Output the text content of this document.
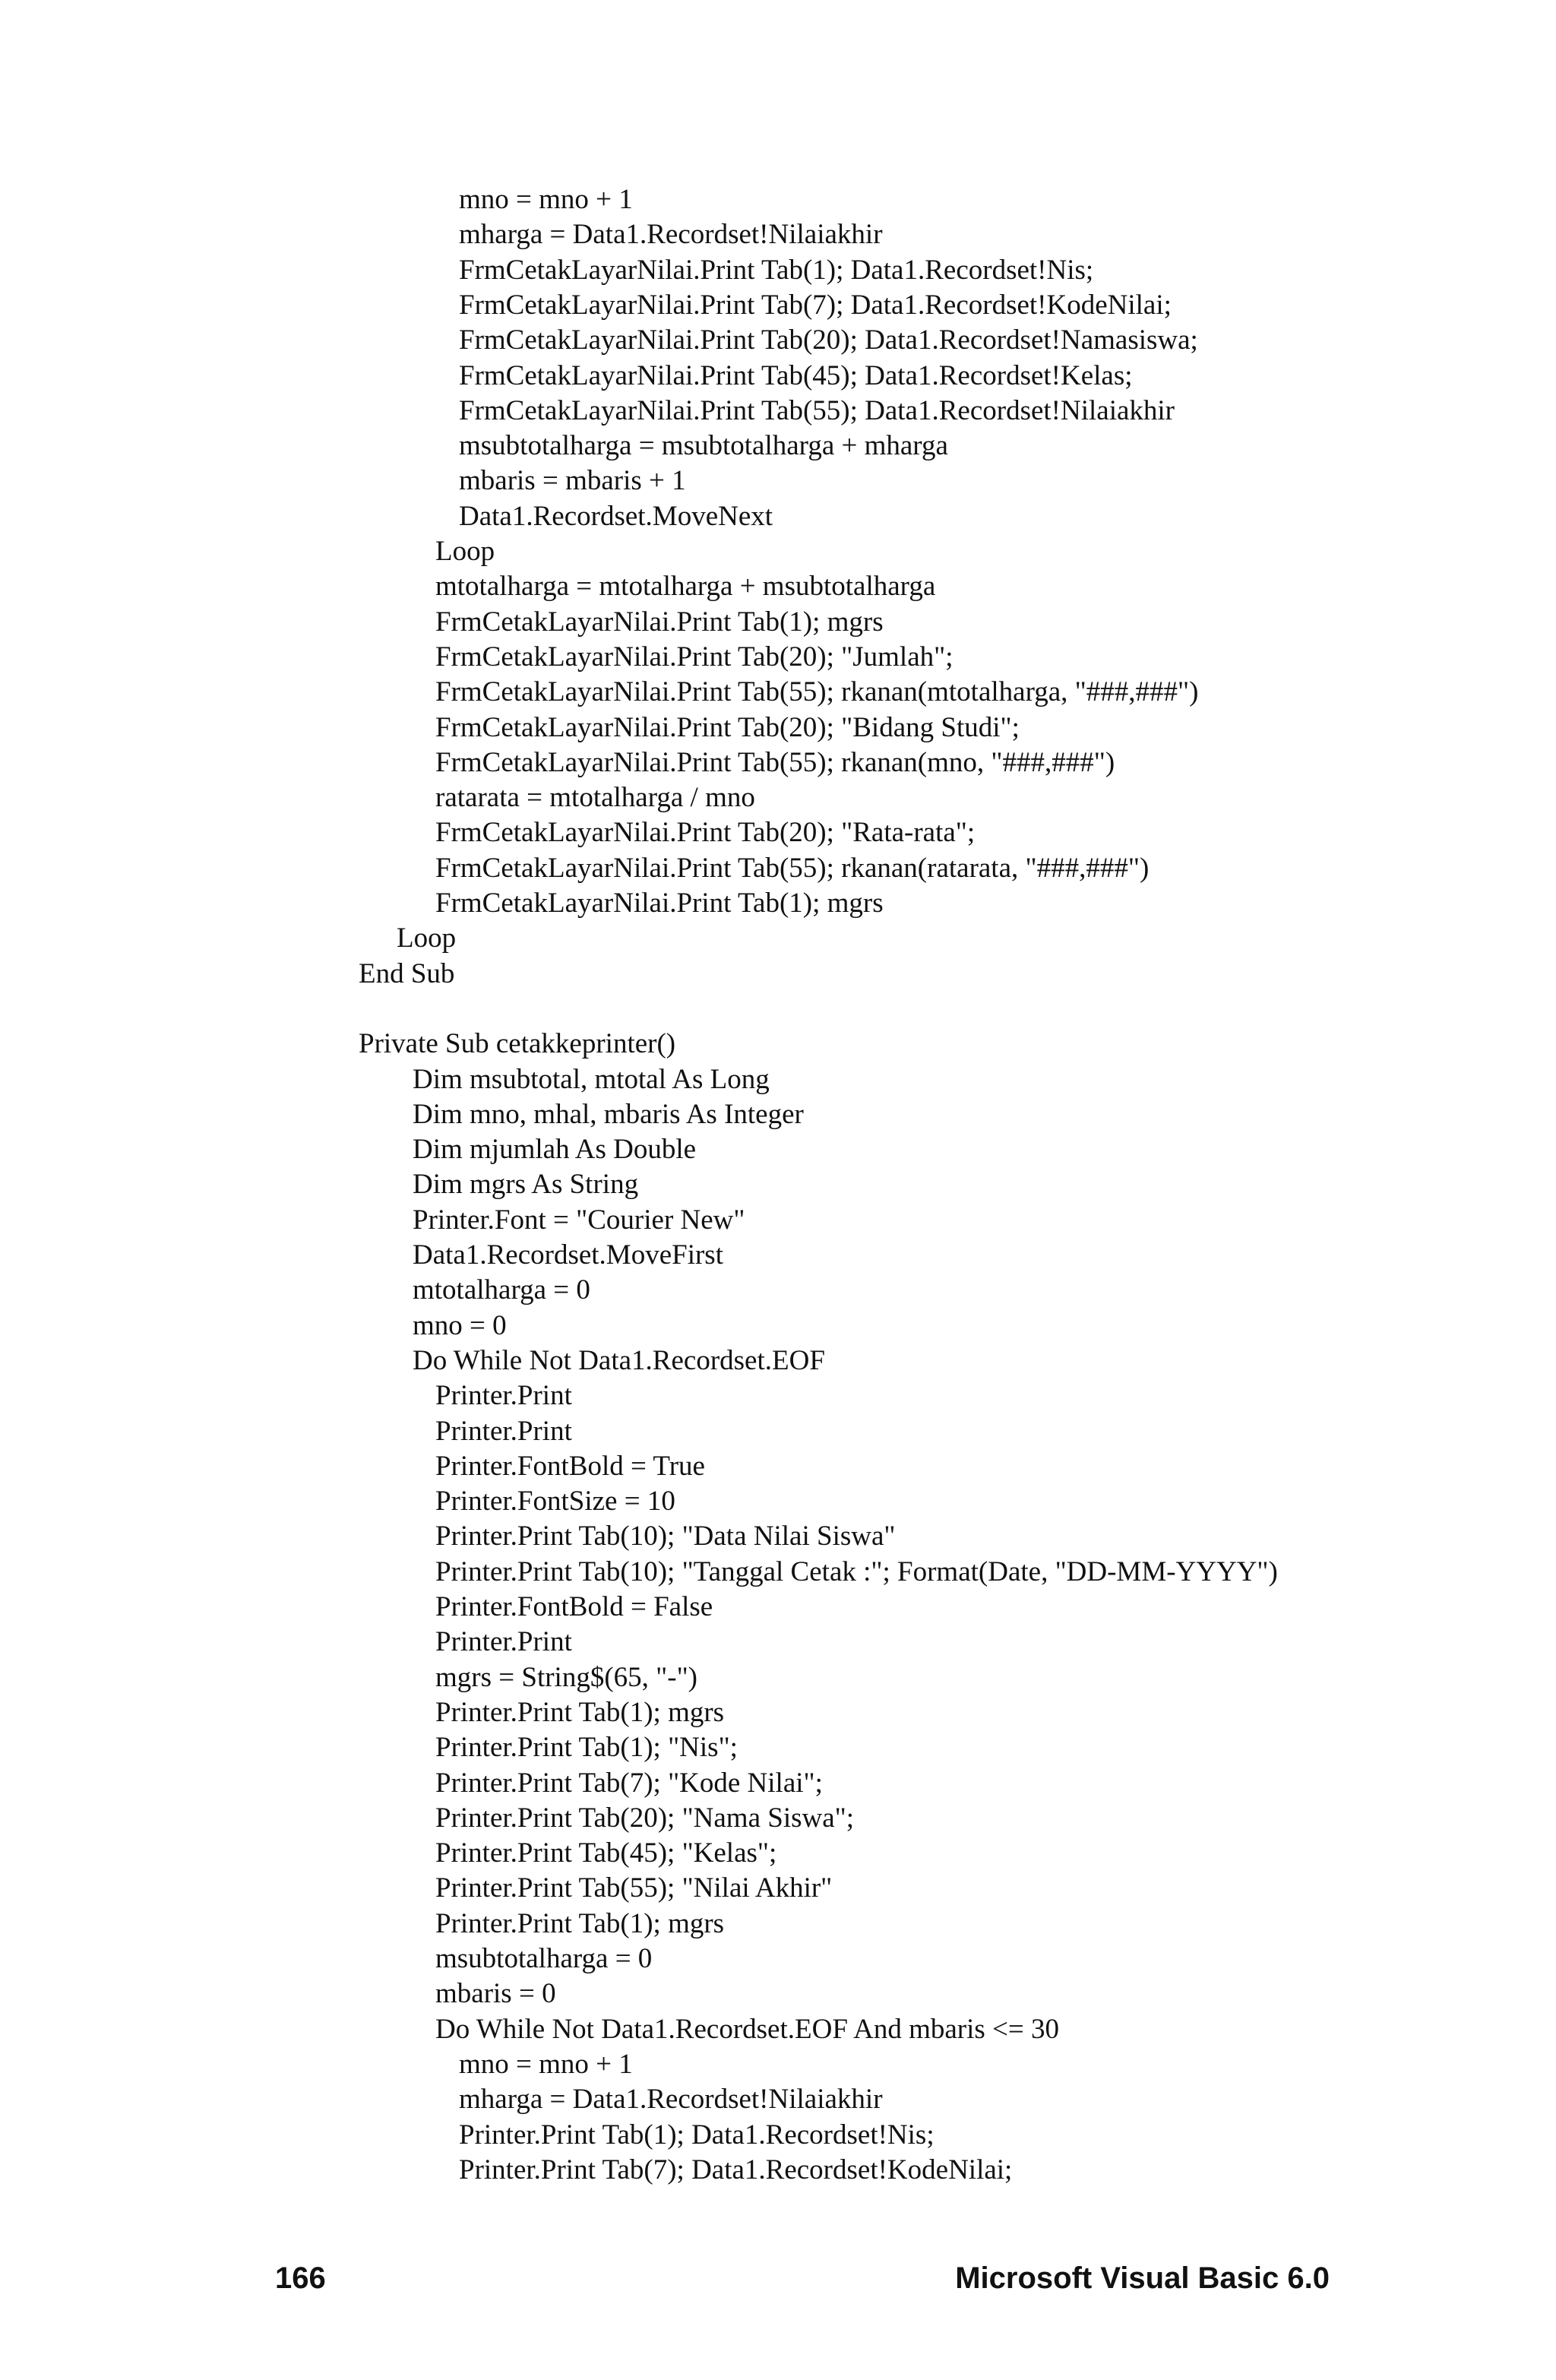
mno = mno + 1
mharga = Data1.Recordset!Nilaiakhir
FrmCetakLayarNilai.Print Tab(1); Data1.Recordset!Nis;
FrmCetakLayarNilai.Print Tab(7); Data1.Recordset!KodeNilai;
FrmCetakLayarNilai.Print Tab(20); Data1.Recordset!Namasiswa;
FrmCetakLayarNilai.Print Tab(45); Data1.Recordset!Kelas;
FrmCetakLayarNilai.Print Tab(55); Data1.Recordset!Nilaiakhir
msubtotalharga = msubtotalharga + mharga
mbaris = mbaris + 1
Data1.Recordset.MoveNext
Loop
mtotalharga = mtotalharga + msubtotalharga
FrmCetakLayarNilai.Print Tab(1); mgrs
FrmCetakLayarNilai.Print Tab(20); "Jumlah";
FrmCetakLayarNilai.Print Tab(55); rkanan(mtotalharga, "###,###")
FrmCetakLayarNilai.Print Tab(20); "Bidang Studi";
FrmCetakLayarNilai.Print Tab(55); rkanan(mno, "###,###")
ratarata = mtotalharga / mno
FrmCetakLayarNilai.Print Tab(20); "Rata-rata";
FrmCetakLayarNilai.Print Tab(55); rkanan(ratarata, "###,###")
FrmCetakLayarNilai.Print Tab(1); mgrs
Loop
End Sub
Private Sub cetakkeprinter()
Dim msubtotal, mtotal As Long
Dim mno, mhal, mbaris As Integer
Dim mjumlah As Double
Dim mgrs As String
Printer.Font = "Courier New"
Data1.Recordset.MoveFirst
mtotalharga = 0
mno = 0
Do While Not Data1.Recordset.EOF
Printer.Print
Printer.Print
Printer.FontBold = True
Printer.FontSize = 10
Printer.Print Tab(10); "Data Nilai Siswa"
Printer.Print Tab(10); "Tanggal Cetak :"; Format(Date, "DD-MM-YYYY")
Printer.FontBold = False
Printer.Print
mgrs = String$(65, "-")
Printer.Print Tab(1); mgrs
Printer.Print Tab(1); "Nis";
Printer.Print Tab(7); "Kode Nilai";
Printer.Print Tab(20); "Nama Siswa";
Printer.Print Tab(45); "Kelas";
Printer.Print Tab(55); "Nilai Akhir"
Printer.Print Tab(1); mgrs
msubtotalharga = 0
mbaris = 0
Do While Not Data1.Recordset.EOF And mbaris <= 30
mno = mno + 1
mharga = Data1.Recordset!Nilaiakhir
Printer.Print Tab(1); Data1.Recordset!Nis;
Printer.Print Tab(7); Data1.Recordset!KodeNilai;
166	Microsoft Visual Basic 6.0
